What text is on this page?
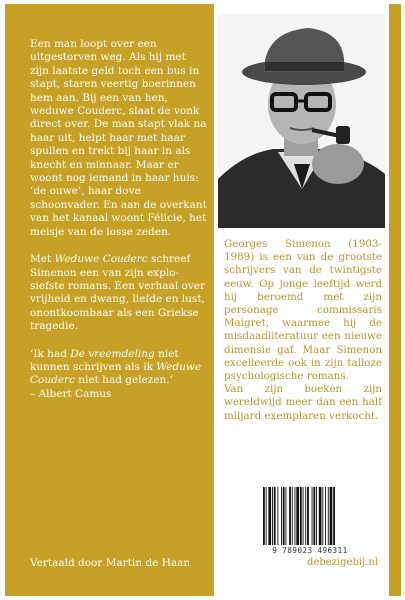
Een man loopt over een uitgestorven weg. Als hij met zijn laatste geld toch een bus in stapt, staren veertig boerinnen hem aan. Bij een van hen, weduwe Couderc, slaat de vonk direct over. De man stapt vlak na haar uit, helpt haar met haar spullen en trekt bij haar in als knecht en minnaar. Maar er woont nog iemand in haar huis: ‘de ouwe’, haar dove schoonvader. En aan de overkant van het kanaal woont Félicie, het meisje van de losse zeden.

Met Weduwe Couderc schreef Simenon een van zijn explosiefste romans. Een verhaal over vrijheid en dwang, liefde en lust, onontkoombaar als een Griekse tragedie.

‘Ik had De vreemdeling niet kunnen schrijven als ik Weduwe Couderc niet had gelezen.’

– Albert Camus

Vertaald door Martin de Haan

Georges Simenon (1903-1989) is een van de grootste schrijvers van de twintigste eeuw. Op jonge leeftijd werd hij beroemd met zijn personage commissaris Maigret, waarmee hij de misdaadliteratuur een nieuwe dimensie gaf. Maar Simenon excelleerde ook in zijn talloze psychologische romans.

Van zijn boeken zijn wereldwijd meer dan een half miljard exemplaren verkocht.

9 789023 496311
debezigebij.nl
